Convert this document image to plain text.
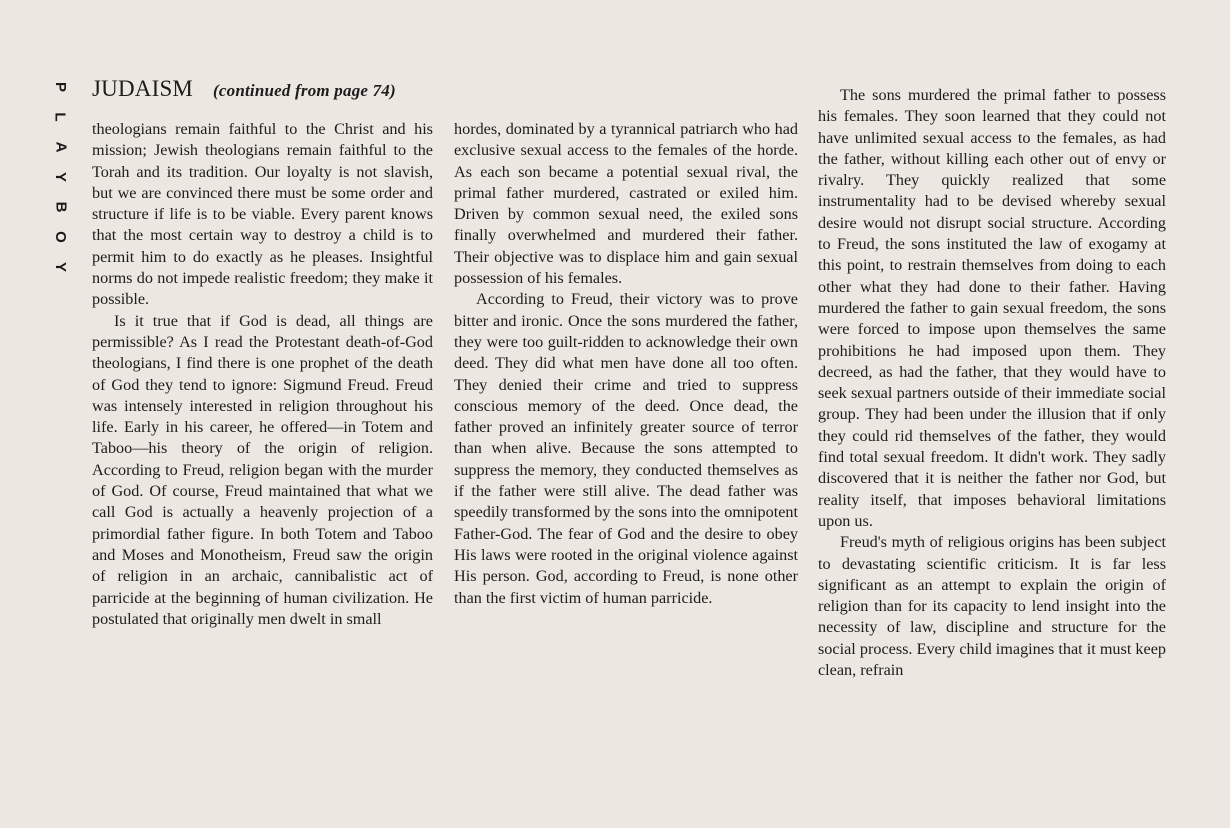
P
L
A
Y
B
O
Y
JUDAISM (continued from page 74)

theologians remain faithful to the Christ and his mission; Jewish theologians remain faithful to the Torah and its tradition. Our loyalty is not slavish, but we are convinced there must be some order and structure if life is to be viable. Every parent knows that the most certain way to destroy a child is to permit him to do exactly as he pleases. Insightful norms do not impede realistic freedom; they make it possible.

Is it true that if God is dead, all things are permissible? As I read the Protestant death-of-God theologians, I find there is one prophet of the death of God they tend to ignore: Sigmund Freud. Freud was intensely interested in religion throughout his life. Early in his career, he offered—in Totem and Taboo—his theory of the origin of religion. According to Freud, religion began with the murder of God. Of course, Freud maintained that what we call God is actually a heavenly projection of a primordial father figure. In both Totem and Taboo and Moses and Monotheism, Freud saw the origin of religion in an archaic, cannibalistic act of parricide at the beginning of human civilization. He postulated that originally men dwelt in small

hordes, dominated by a tyrannical patriarch who had exclusive sexual access to the females of the horde. As each son became a potential sexual rival, the primal father murdered, castrated or exiled him. Driven by common sexual need, the exiled sons finally overwhelmed and murdered their father. Their objective was to displace him and gain sexual possession of his females.

According to Freud, their victory was to prove bitter and ironic. Once the sons murdered the father, they were too guilt-ridden to acknowledge their own deed. They did what men have done all too often. They denied their crime and tried to suppress conscious memory of the deed. Once dead, the father proved an infinitely greater source of terror than when alive. Because the sons attempted to suppress the memory, they conducted themselves as if the father were still alive. The dead father was speedily transformed by the sons into the omnipotent Father-God. The fear of God and the desire to obey His laws were rooted in the original violence against His person. God, according to Freud, is none other than the first victim of human parricide.

The sons murdered the primal father to possess his females. They soon learned that they could not have unlimited sexual access to the females, as had the father, without killing each other out of envy or rivalry. They quickly realized that some instrumentality had to be devised whereby sexual desire would not disrupt social structure. According to Freud, the sons instituted the law of exogamy at this point, to restrain themselves from doing to each other what they had done to their father. Having murdered the father to gain sexual freedom, the sons were forced to impose upon themselves the same prohibitions he had imposed upon them. They decreed, as had the father, that they would have to seek sexual partners outside of their immediate social group. They had been under the illusion that if only they could rid themselves of the father, they would find total sexual freedom. It didn't work. They sadly discovered that it is neither the father nor God, but reality itself, that imposes behavioral limitations upon us.

Freud's myth of religious origins has been subject to devastating scientific criticism. It is far less significant as an attempt to explain the origin of religion than for its capacity to lend insight into the necessity of law, discipline and structure for the social process. Every child imagines that it must keep clean, refrain
